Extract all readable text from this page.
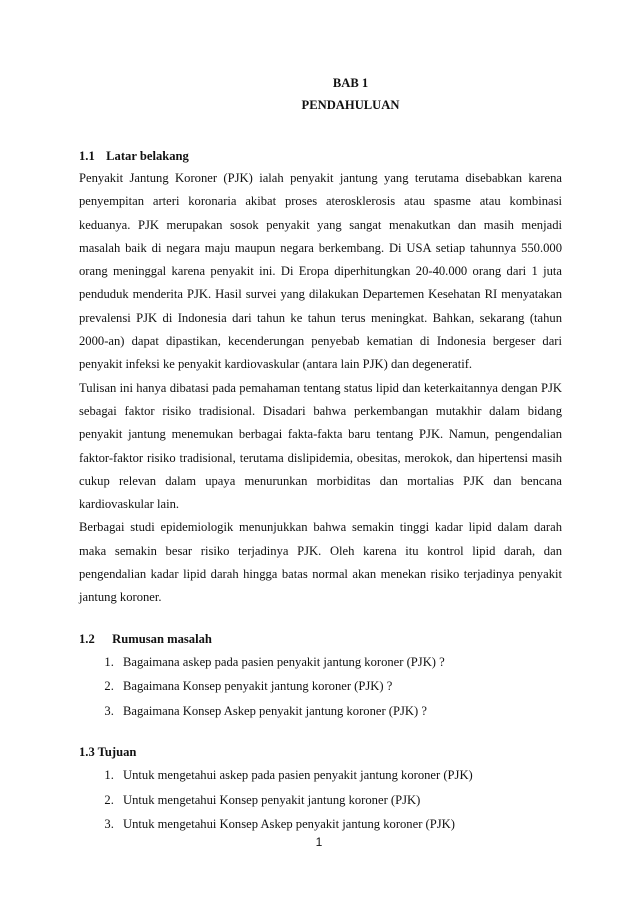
BAB 1
PENDAHULUAN
1.1 Latar belakang

Penyakit Jantung Koroner (PJK) ialah penyakit jantung yang terutama disebabkan karena penyempitan arteri koronaria akibat proses aterosklerosis atau spasme atau kombinasi keduanya. PJK merupakan sosok penyakit yang sangat menakutkan dan masih menjadi masalah baik di negara maju maupun negara berkembang. Di USA setiap tahunnya 550.000 orang meninggal karena penyakit ini. Di Eropa diperhitungkan 20-40.000 orang dari 1 juta penduduk menderita PJK. Hasil survei yang dilakukan Departemen Kesehatan RI menyatakan prevalensi PJK di Indonesia dari tahun ke tahun terus meningkat. Bahkan, sekarang (tahun 2000-an) dapat dipastikan, kecenderungan penyebab kematian di Indonesia bergeser dari penyakit infeksi ke penyakit kardiovaskular (antara lain PJK) dan degeneratif.

Tulisan ini hanya dibatasi pada pemahaman tentang status lipid dan keterkaitannya dengan PJK sebagai faktor risiko tradisional. Disadari bahwa perkembangan mutakhir dalam bidang penyakit jantung menemukan berbagai fakta-fakta baru tentang PJK. Namun, pengendalian faktor-faktor risiko tradisional, terutama dislipidemia, obesitas, merokok, dan hipertensi masih cukup relevan dalam upaya menurunkan morbiditas dan mortalias PJK dan bencana kardiovaskular lain.

Berbagai studi epidemiologik menunjukkan bahwa semakin tinggi kadar lipid dalam darah maka semakin besar risiko terjadinya PJK. Oleh karena itu kontrol lipid darah, dan pengendalian kadar lipid darah hingga batas normal akan menekan risiko terjadinya penyakit jantung koroner.

1.2 Rumusan masalah
1. Bagaimana askep pada pasien penyakit jantung koroner (PJK) ?
2. Bagaimana Konsep penyakit jantung koroner (PJK) ?
3. Bagaimana Konsep Askep penyakit jantung koroner (PJK) ?
1.3 Tujuan
1. Untuk mengetahui askep pada pasien penyakit jantung koroner (PJK)
2. Untuk mengetahui Konsep penyakit jantung koroner (PJK)
3. Untuk mengetahui Konsep Askep penyakit jantung koroner (PJK)
1
